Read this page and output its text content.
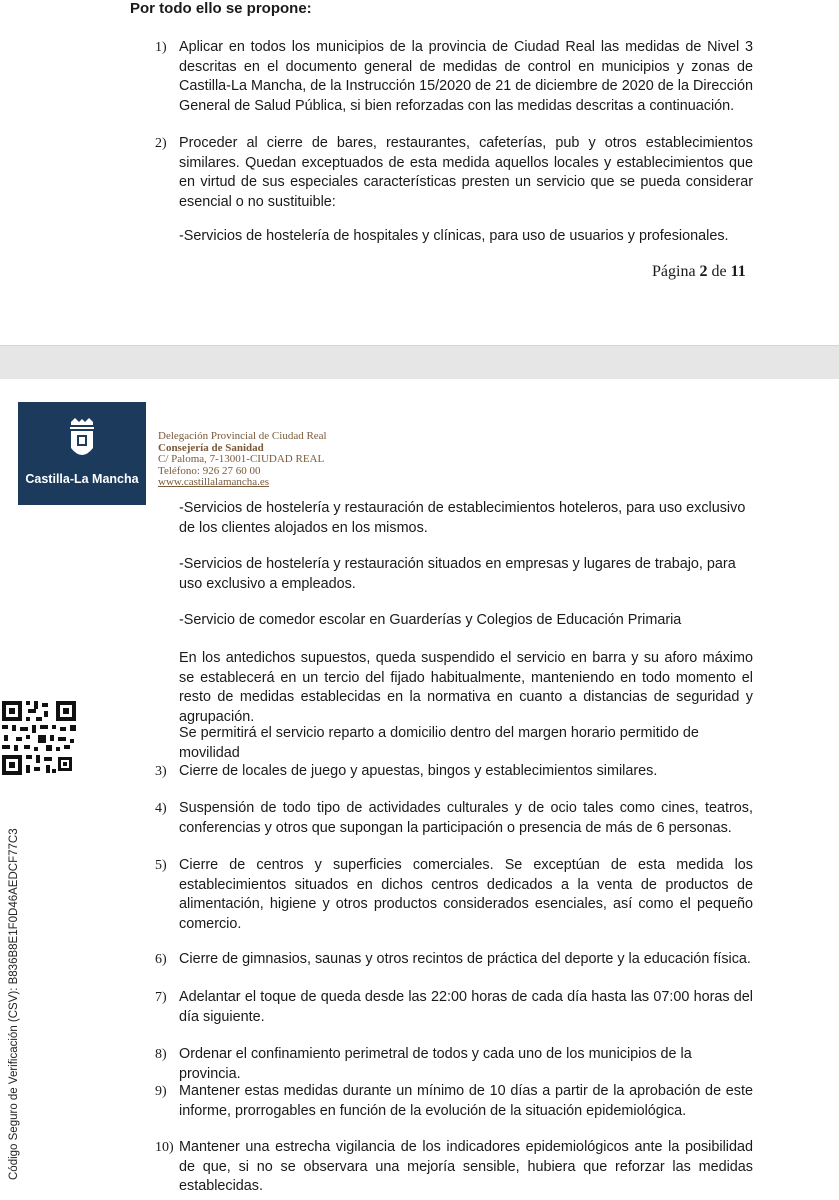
Por todo ello se propone:
1) Aplicar en todos los municipios de la provincia de Ciudad Real las medidas de Nivel 3 descritas en el documento general de medidas de control en municipios y zonas de Castilla-La Mancha, de la Instrucción 15/2020 de 21 de diciembre de 2020 de la Dirección General de Salud Pública, si bien reforzadas con las medidas descritas a continuación.
2) Proceder al cierre de bares, restaurantes, cafeterías, pub y otros establecimientos similares. Quedan exceptuados de esta medida aquellos locales y establecimientos que en virtud de sus especiales características presten un servicio que se pueda considerar esencial o no sustituible:
-Servicios de hostelería de hospitales y clínicas, para uso de usuarios y profesionales.
Página 2 de 11
Castilla-La Mancha
Delegación Provincial de Ciudad Real
Consejería de Sanidad
C/ Paloma, 7-13001-CIUDAD REAL
Teléfono: 926 27 60 00
www.castillalamancha.es
-Servicios de hostelería y restauración de establecimientos hoteleros, para uso exclusivo de los clientes alojados en los mismos.
-Servicios de hostelería y restauración situados en empresas y lugares de trabajo, para uso exclusivo a empleados.
-Servicio de comedor escolar en Guarderías y Colegios de Educación Primaria
En los antedichos supuestos, queda suspendido el servicio en barra y su aforo máximo se establecerá en un tercio del fijado habitualmente, manteniendo en todo momento el resto de medidas establecidas en la normativa en cuanto a distancias de seguridad y agrupación.
Se permitirá el servicio reparto a domicilio dentro del margen horario permitido de movilidad
3) Cierre de locales de juego y apuestas, bingos y establecimientos similares.
4) Suspensión de todo tipo de actividades culturales y de ocio tales como cines, teatros, conferencias y otros que supongan la participación o presencia de más de 6 personas.
5) Cierre de centros y superficies comerciales. Se exceptúan de esta medida los establecimientos situados en dichos centros dedicados a la venta de productos de alimentación, higiene y otros productos considerados esenciales, así como el pequeño comercio.
6) Cierre de gimnasios, saunas y otros recintos de práctica del deporte y la educación física.
7) Adelantar el toque de queda desde las 22:00 horas de cada día hasta las 07:00 horas del día siguiente.
8) Ordenar el confinamiento perimetral de todos y cada uno de los municipios de la provincia.
9) Mantener estas medidas durante un mínimo de 10 días a partir de la aprobación de este informe, prorrogables en función de la evolución de la situación epidemiológica.
10) Mantener una estrecha vigilancia de los indicadores epidemiológicos ante la posibilidad de que, si no se observara una mejoría sensible, hubiera que reforzar las medidas establecidas.
Código Seguro de Verificación (CSV): B836B8E1F0D46AEDCF77C3
